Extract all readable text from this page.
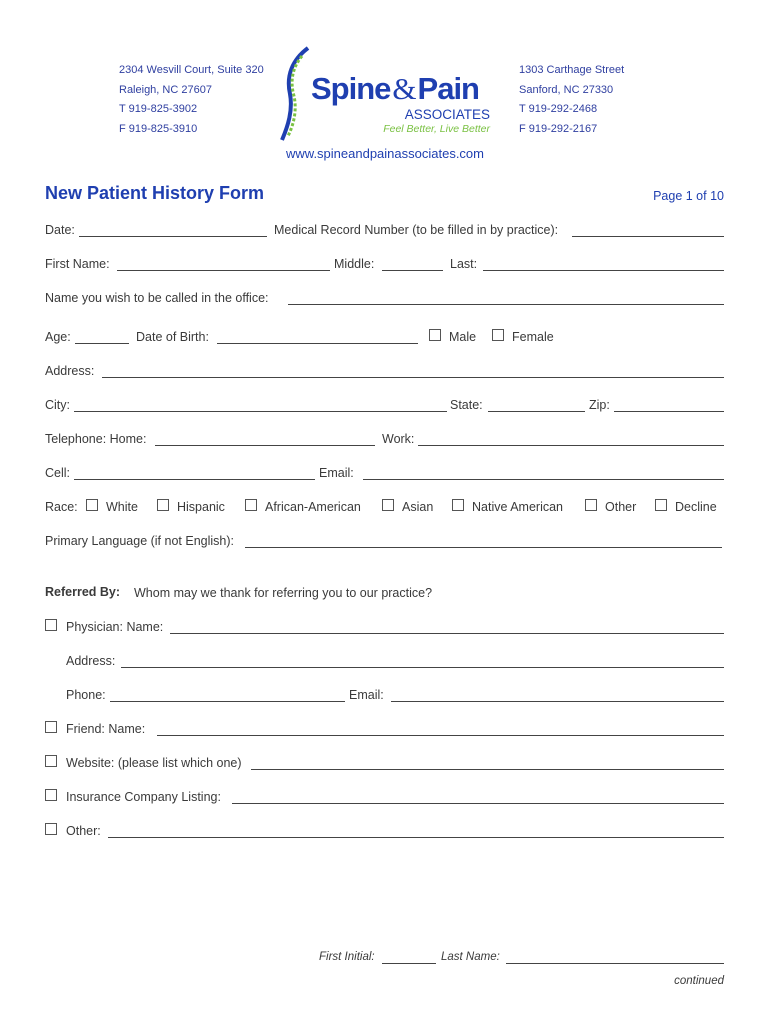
2304 Wesvill Court, Suite 320
Raleigh, NC 27607
T 919-825-3902
F 919-825-3910
Spine&Pain
ASSOCIATES
Feel Better, Live Better
1303 Carthage Street
Sanford, NC 27330
T 919-292-2468
F 919-292-2167
www.spineandpainassociates.com
New Patient History Form	Page 1 of 10
Date:	Medical Record Number (to be filled in by practice):
First Name:	Middle:	Last:
Name you wish to be called in the office:
Age:	Date of Birth:	Male	Female
Address:
City:	State:	Zip:
Telephone: Home:	Work:
Cell:	Email:
Race: White	Hispanic	African-American	Asian	Native American	Other	Decline
Primary Language (if not English):
Referred By: Whom may we thank for referring you to our practice?
Physician: Name:
Address:
Phone:	Email:
Friend: Name:
Website: (please list which one)
Insurance Company Listing:
Other:
First Initial:	Last Name:
continued
